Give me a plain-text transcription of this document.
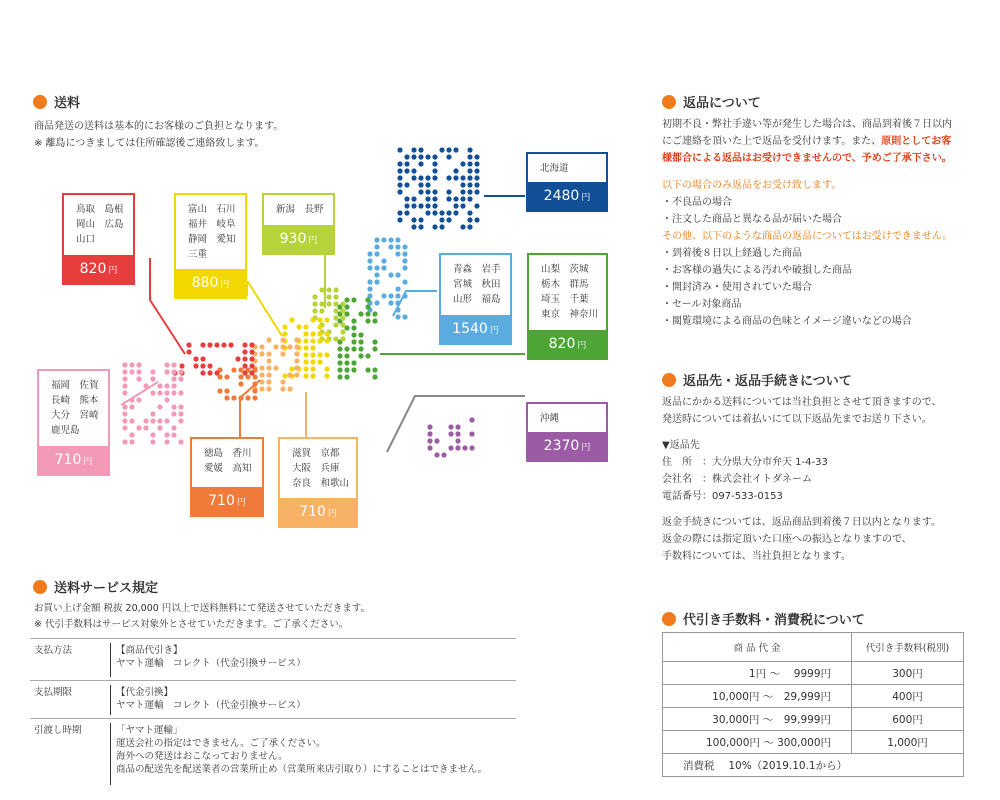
送料
商品発送の送料は基本的にお客様のご負担となります。
※ 離島につきましては住所確認後ご連絡致します。
鳥取　島根
岡山　広島
山口
820 円
富山　石川
福井　岐阜
静岡　愛知
三重
880 円
新潟　長野
930 円
北海道
2480 円
青森　岩手
宮城　秋田
山形　福島
1540 円
山梨　茨城
栃木　群馬
埼玉　千葉
東京　神奈川
820 円
福岡　佐賀
長崎　熊本
大分　宮崎
鹿児島
710 円
徳島　香川
愛媛　高知
710 円
滋賀　京都
大阪　兵庫
奈良　和歌山
710 円
沖縄
2370 円
送料サービス規定
お買い上げ金額 税抜 20,000 円以上で送料無料にて発送させていただきます。
※ 代引手数料はサービス対象外とさせていただきます。ご了承ください。
支払方法	【商品代引き】
ヤマト運輸　コレクト（代金引換サービス）
支払期限	【代金引換】
ヤマト運輸　コレクト（代金引換サービス）
引渡し時期	「ヤマト運輸」
運送会社の指定はできません。ご了承ください。
海外への発送はおこなっておりません。
商品の配送先を配送業者の営業所止め（営業所来店引取り）にすることはできません。
返品について
初期不良・弊社手違い等が発生した場合は、商品到着後７日以内
にご連絡を頂いた上で返品を受付けます。また、原則としてお客
様都合による返品はお受けできませんので、予めご了承下さい。
以下の場合のみ返品をお受け致します。
・不良品の場合
・注文した商品と異なる品が届いた場合
その他、以下のような商品の返品についてはお受けできません。
・到着後８日以上経過した商品
・お客様の過失による汚れや破損した商品
・開封済み・使用されていた場合
・セール対象商品
・閲覧環境による商品の色味とイメージ違いなどの場合
返品先・返品手続きについて
返品にかかる送料については当社負担とさせて頂きますので、
発送時については着払いにて以下返品先までお送り下さい。
▼返品先
住　所　：大分県大分市弁天 1-4-33
会社名　：株式会社イトダネーム
電話番号：097-533-0153
返金手続きについては、返品商品到着後７日以内となります。
返金の際には指定頂いた口座への振込となりますので、
手数料については、当社負担となります。
代引き手数料・消費税について
商 品 代 金	代引き手数料(税別)
1円 ～　 9999円	300円
10,000円 ～　29,999円	400円
30,000円 ～　99,999円	600円
100,000円 ～ 300,000円	1,000円
消費税　 10%（2019.10.1から）	
